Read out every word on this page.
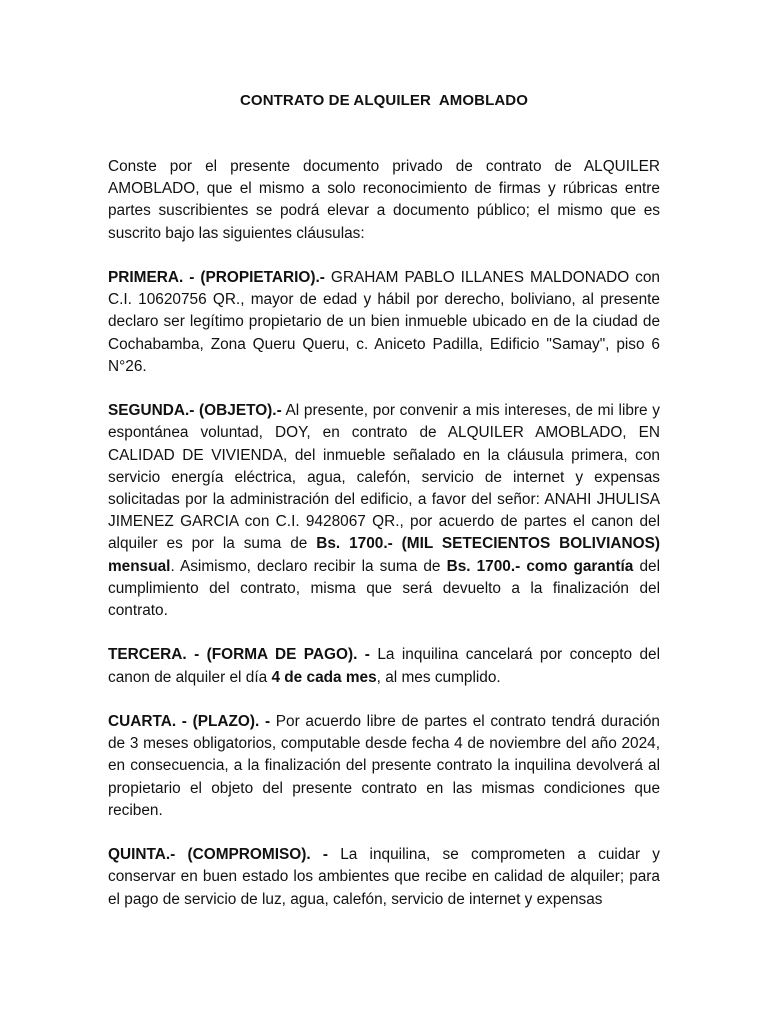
CONTRATO DE ALQUILER  AMOBLADO

Conste por el presente documento privado de contrato de ALQUILER AMOBLADO, que el mismo a solo reconocimiento de firmas y rúbricas entre partes suscribientes se podrá elevar a documento público; el mismo que es suscrito bajo las siguientes cláusulas:

PRIMERA. - (PROPIETARIO).- GRAHAM PABLO ILLANES MALDONADO con C.I. 10620756 QR., mayor de edad y hábil por derecho, boliviano, al presente declaro ser legítimo propietario de un bien inmueble ubicado en de la ciudad de Cochabamba, Zona Queru Queru, c. Aniceto Padilla, Edificio "Samay", piso 6 N°26.

SEGUNDA.- (OBJETO).- Al presente, por convenir a mis intereses, de mi libre y espontánea voluntad, DOY, en contrato de ALQUILER AMOBLADO, EN CALIDAD DE VIVIENDA, del inmueble señalado en la cláusula primera, con servicio energía eléctrica, agua, calefón, servicio de internet y expensas solicitadas por la administración del edificio, a favor del señor: ANAHI JHULISA JIMENEZ GARCIA con C.I. 9428067 QR., por acuerdo de partes el canon del alquiler es por la suma de Bs. 1700.- (MIL SETECIENTOS BOLIVIANOS) mensual. Asimismo, declaro recibir la suma de Bs. 1700.- como garantía del cumplimiento del contrato, misma que será devuelto a la finalización del contrato.

TERCERA. - (FORMA DE PAGO). - La inquilina cancelará por concepto del canon de alquiler el día 4 de cada mes, al mes cumplido.

CUARTA. - (PLAZO). - Por acuerdo libre de partes el contrato tendrá duración de 3 meses obligatorios, computable desde fecha 4 de noviembre del año 2024, en consecuencia, a la finalización del presente contrato la inquilina devolverá al propietario el objeto del presente contrato en las mismas condiciones que reciben.

QUINTA.- (COMPROMISO). - La inquilina, se comprometen a cuidar y conservar en buen estado los ambientes que recibe en calidad de alquiler; para el pago de servicio de luz, agua, calefón, servicio de internet y expensas
